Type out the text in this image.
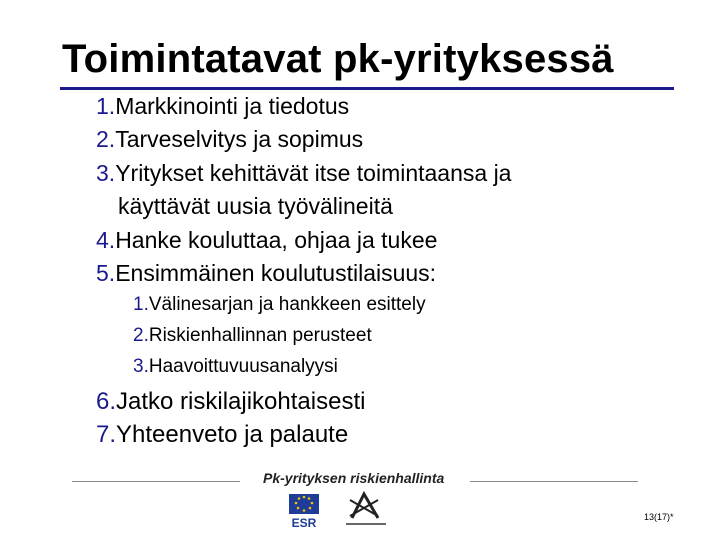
Toimintatavat pk-yrityksessä
1.Markkinointi ja tiedotus
2.Tarveselvitys ja sopimus
3.Yritykset kehittävät itse toimintaansa ja
käyttävät uusia työvälineitä
4.Hanke kouluttaa, ohjaa ja tukee
5.Ensimmäinen koulutustilaisuus:
1.Välinesarjan ja hankkeen esittely
2.Riskienhallinnan perusteet
3.Haavoittuvuusanalyysi
6.Jatko riskilajikohtaisesti
7.Yhteenveto ja palaute
Pk-yrityksen riskienhallinta
ESR	13(17)*
